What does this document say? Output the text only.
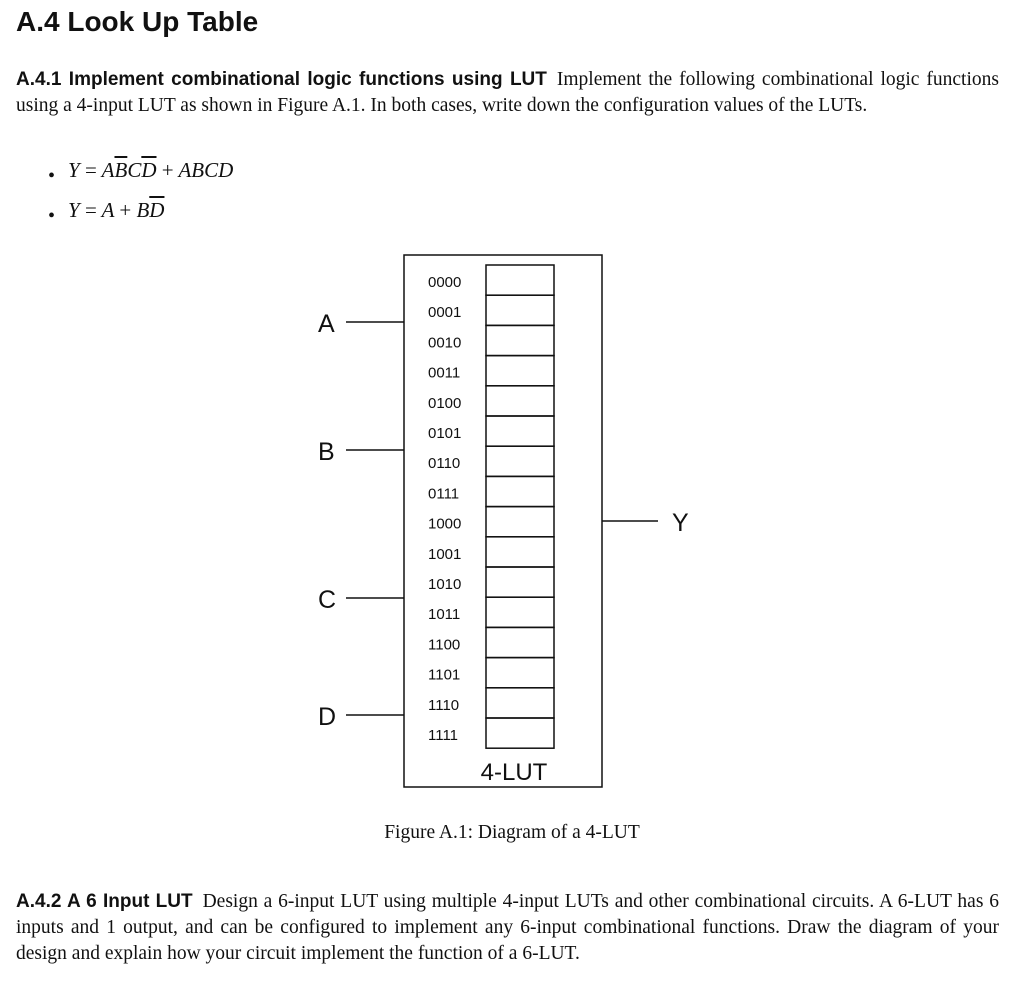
A.4 Look Up Table

A.4.1 Implement combinational logic functions using LUT Implement the following combinational logic functions using a 4-input LUT as shown in Figure A.1. In both cases, write down the configuration values of the LUTs.

• $Y = A\overline{B}C\overline{D}$ + ABCD
• $Y = A + B\overline{D}$
A
B
C
D
0000
0001
0010
0011
0100
0101
0110
0111
1000
1001
1010
1011
1100
1101
1110
1111
Y
4-LUT

Figure A.1: Diagram of a 4-LUT

A.4.2 A 6 Input LUT Design a 6-input LUT using multiple 4-input LUTs and other combinational circuits. A 6-LUT has 6 inputs and 1 output, and can be configured to implement any 6-input combinational functions. Draw the diagram of your design and explain how your circuit implement the function of a 6-LUT.
